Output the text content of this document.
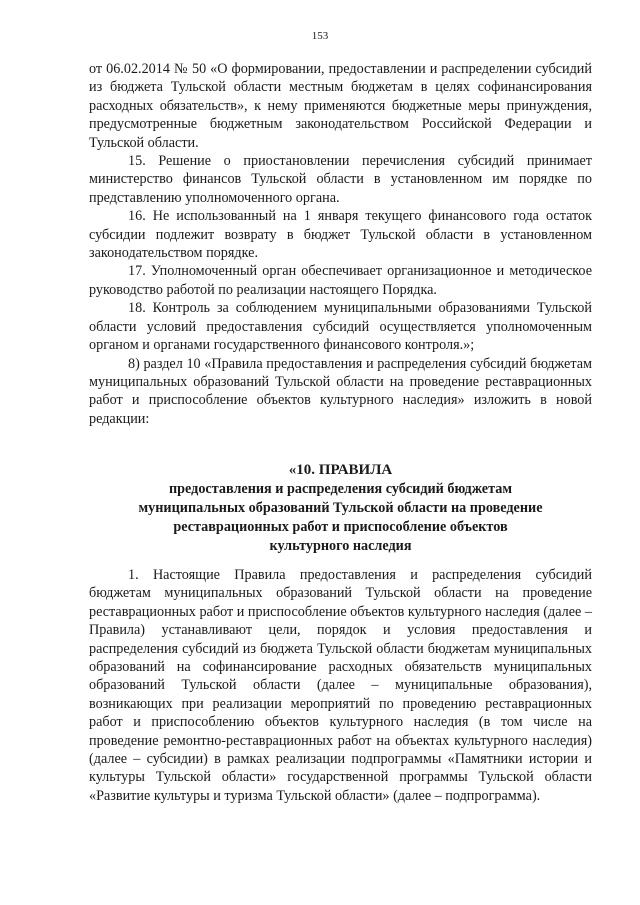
153

от 06.02.2014 № 50 «О формировании, предоставлении и распределении субсидий из бюджета Тульской области местным бюджетам в целях софинансирования расходных обязательств», к нему применяются бюджетные меры принуждения, предусмотренные бюджетным законодательством Российской Федерации и Тульской области.

15. Решение о приостановлении перечисления субсидий принимает министерство финансов Тульской области в установленном им порядке по представлению уполномоченного органа.

16. Не использованный на 1 января текущего финансового года остаток субсидии подлежит возврату в бюджет Тульской области в установленном законодательством порядке.

17. Уполномоченный орган обеспечивает организационное и методическое руководство работой по реализации настоящего Порядка.

18. Контроль за соблюдением муниципальными образованиями Тульской области условий предоставления субсидий осуществляется уполномоченным органом и органами государственного финансового контроля.»;

8) раздел 10 «Правила предоставления и распределения субсидий бюджетам муниципальных образований Тульской области на проведение реставрационных работ и приспособление объектов культурного наследия» изложить в новой редакции:

«10. ПРАВИЛА
предоставления и распределения субсидий бюджетам
муниципальных образований Тульской области на проведение
реставрационных работ и приспособление объектов
культурного наследия

1. Настоящие Правила предоставления и распределения субсидий бюджетам муниципальных образований Тульской области на проведение реставрационных работ и приспособление объектов культурного наследия (далее – Правила) устанавливают цели, порядок и условия предоставления и распределения субсидий из бюджета Тульской области бюджетам муниципальных образований на софинансирование расходных обязательств муниципальных образований Тульской области (далее – муниципальные образования), возникающих при реализации мероприятий по проведению реставрационных работ и приспособлению объектов культурного наследия (в том числе на проведение ремонтно-реставрационных работ на объектах культурного наследия) (далее – субсидии) в рамках реализации подпрограммы «Памятники истории и культуры Тульской области» государственной программы Тульской области «Развитие культуры и туризма Тульской области» (далее – подпрограмма).
